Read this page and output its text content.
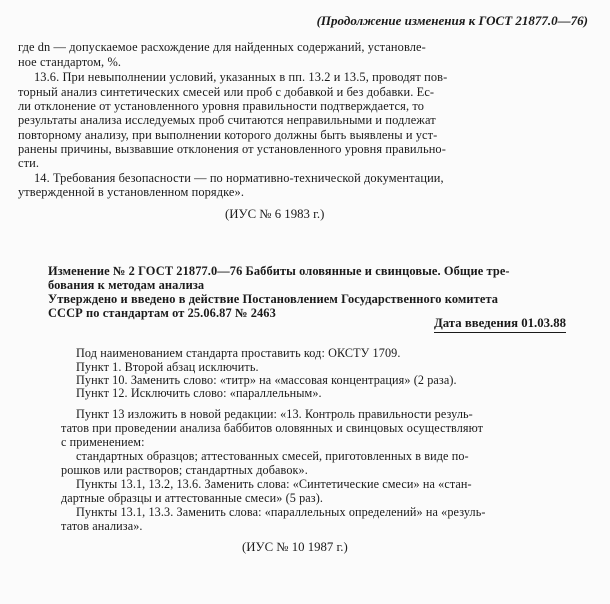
(Продолжение изменения к ГОСТ 21877.0—76)
где dn — допускаемое расхождение для найденных содержаний, установле-
ное стандартом, %.
13.6. При невыполнении условий, указанных в пп. 13.2 и 13.5, проводят пов-
торный анализ синтетических смесей или проб с добавкой и без добавки. Ес-
ли отклонение от установленного уровня правильности подтверждается, то
результаты анализа исследуемых проб считаются неправильными и подлежат
повторному анализу, при выполнении которого должны быть выявлены и уст-
ранены причины, вызвавшие отклонения от установленного уровня правильно-
сти.
14. Требования безопасности — по нормативно-технической документации,
утвержденной в установленном порядке».
(ИУС № 6 1983 г.)
Изменение № 2 ГОСТ 21877.0—76 Баббиты оловянные и свинцовые. Общие тре-
бования к методам анализа
Утверждено и введено в действие Постановлением Государственного комитета
СССР по стандартам от 25.06.87 № 2463
Дата введения 01.03.88
Под наименованием стандарта проставить код: ОКСТУ 1709.
Пункт 1. Второй абзац исключить.
Пункт 10. Заменить слово: «титр» на «массовая концентрация» (2 раза).
Пункт 12. Исключить слово: «параллельным».
Пункт 13 изложить в новой редакции: «13. Контроль правильности резуль-
татов при проведении анализа баббитов оловянных и свинцовых осуществляют
с применением:
стандартных образцов; аттестованных смесей, приготовленных в виде по-
рошков или растворов; стандартных добавок».
Пункты 13.1, 13.2, 13.6. Заменить слова: «Синтетические смеси» на «стан-
дартные образцы и аттестованные смеси» (5 раз).
Пункты 13.1, 13.3. Заменить слова: «параллельных определений» на «резуль-
татов анализа».
(ИУС № 10 1987 г.)
